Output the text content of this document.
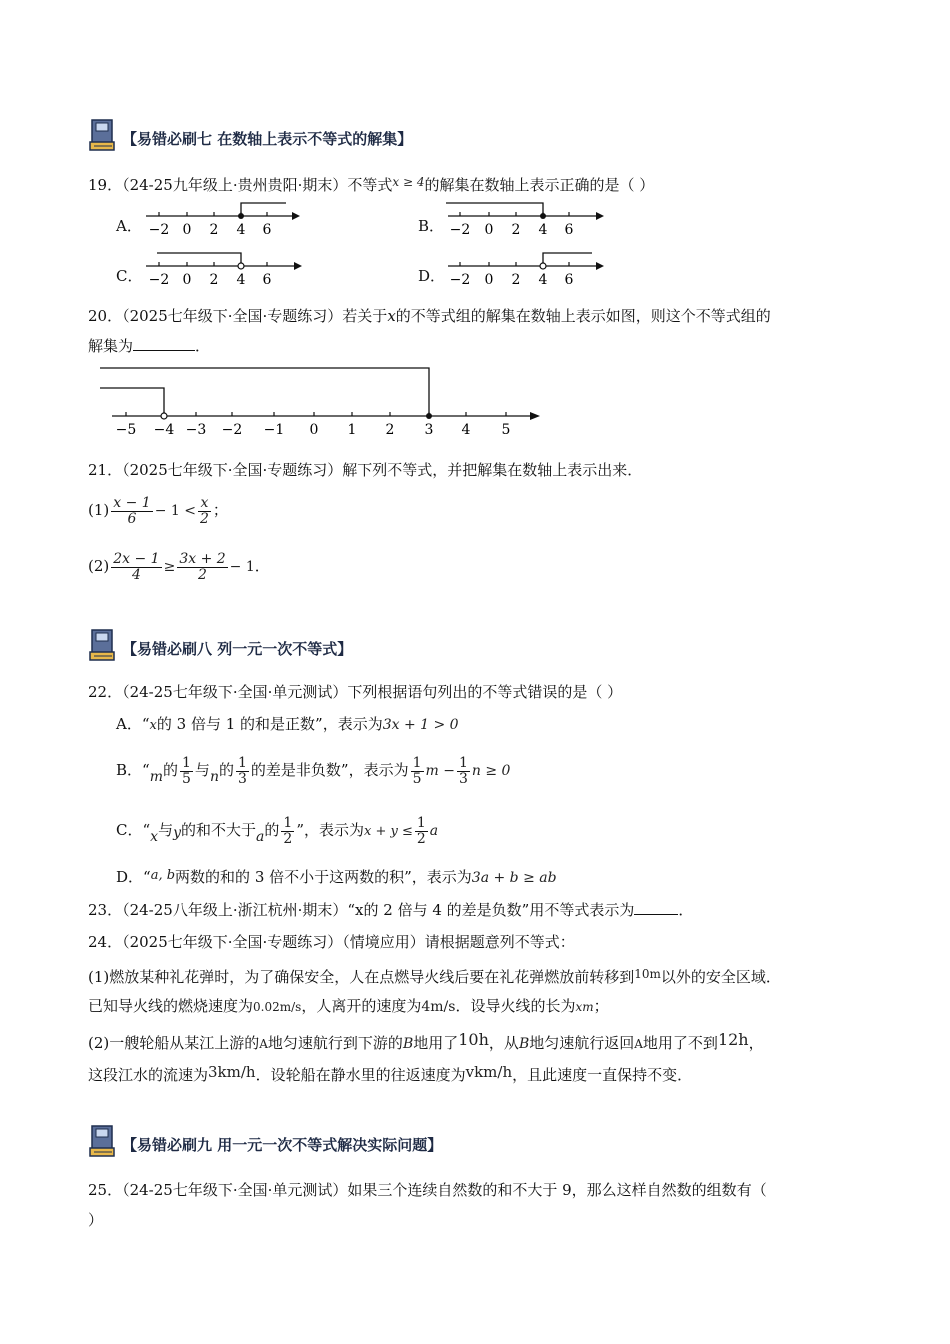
【易错必刷七 在数轴上表示不等式的解集】
19．（24-25九年级上·贵州贵阳·期末）不等式$^{x \ge 4}$的解集在数轴上表示正确的是（ ）
A． −2 0 2 4 6	B． −2 0 2 4 6
C． −2 0 2 4 6	D． −2 0 2 4 6
20．（2025七年级下·全国·专题练习）若关于x的不等式组的解集在数轴上表示如图，则这个不等式组的
解集为	．
−5 −4 −3 −2 −1 0 1 2 3 4 5
21．（2025七年级下·全国·专题练习）解下列不等式，并把解集在数轴上表示出来．
$(1) \frac{x - 1}{6} - 1 < \frac{x}{2}$ ；
$(2) \frac{2x - 1}{4} \ge \frac{3x + 2}{2} - 1$．
【易错必刷八 列一元一次不等式】
22．（24-25七年级下·全国·单元测试）下列根据语句列出的不等式错误的是（ ）
A．“x的 3 倍与 1 的和是正数”，表示为3x + 1 > 0
B．“m的 $\frac{1}{5}$ 与n的 $\frac{1}{3}$ 的差是非负数”，表示为 $\frac{1}{5}$ $m - \frac{1}{3}$ n ≥ 0
C．“x与y的和不大于a的 $\frac{1}{2}$ ”，表示为$x + y \le \frac{1}{2}$ a
D．“a, b两数的和的 3 倍不小于这两数的积”，表示为3a + b ≥ ab
23．（24-25八年级上·浙江杭州·期末）“x的 2 倍与 4 的差是负数”用不等式表示为	．
24．（2025七年级下·全国·专题练习）（情境应用）请根据题意列不等式：
(1)燃放某种礼花弹时，为了确保安全，人在点燃导火线后要在礼花弹燃放前转移到$^{10m}$以外的安全区域．
已知导火线的燃烧速度为0.02m/s，人离开的速度为4m/s．设导火线的长为xm；
(2)一艘轮船从某江上游的A地匀速航行到下游的B地用了10h，从B地匀速航行返回A地用了不到12h，
这段江水的流速为3km/h．设轮船在静水里的往返速度为vkm/h，且此速度一直保持不变．
【易错必刷九 用一元一次不等式解决实际问题】
25．（24-25七年级下·全国·单元测试）如果三个连续自然数的和不大于 9，那么这样自然数的组数有（
）
